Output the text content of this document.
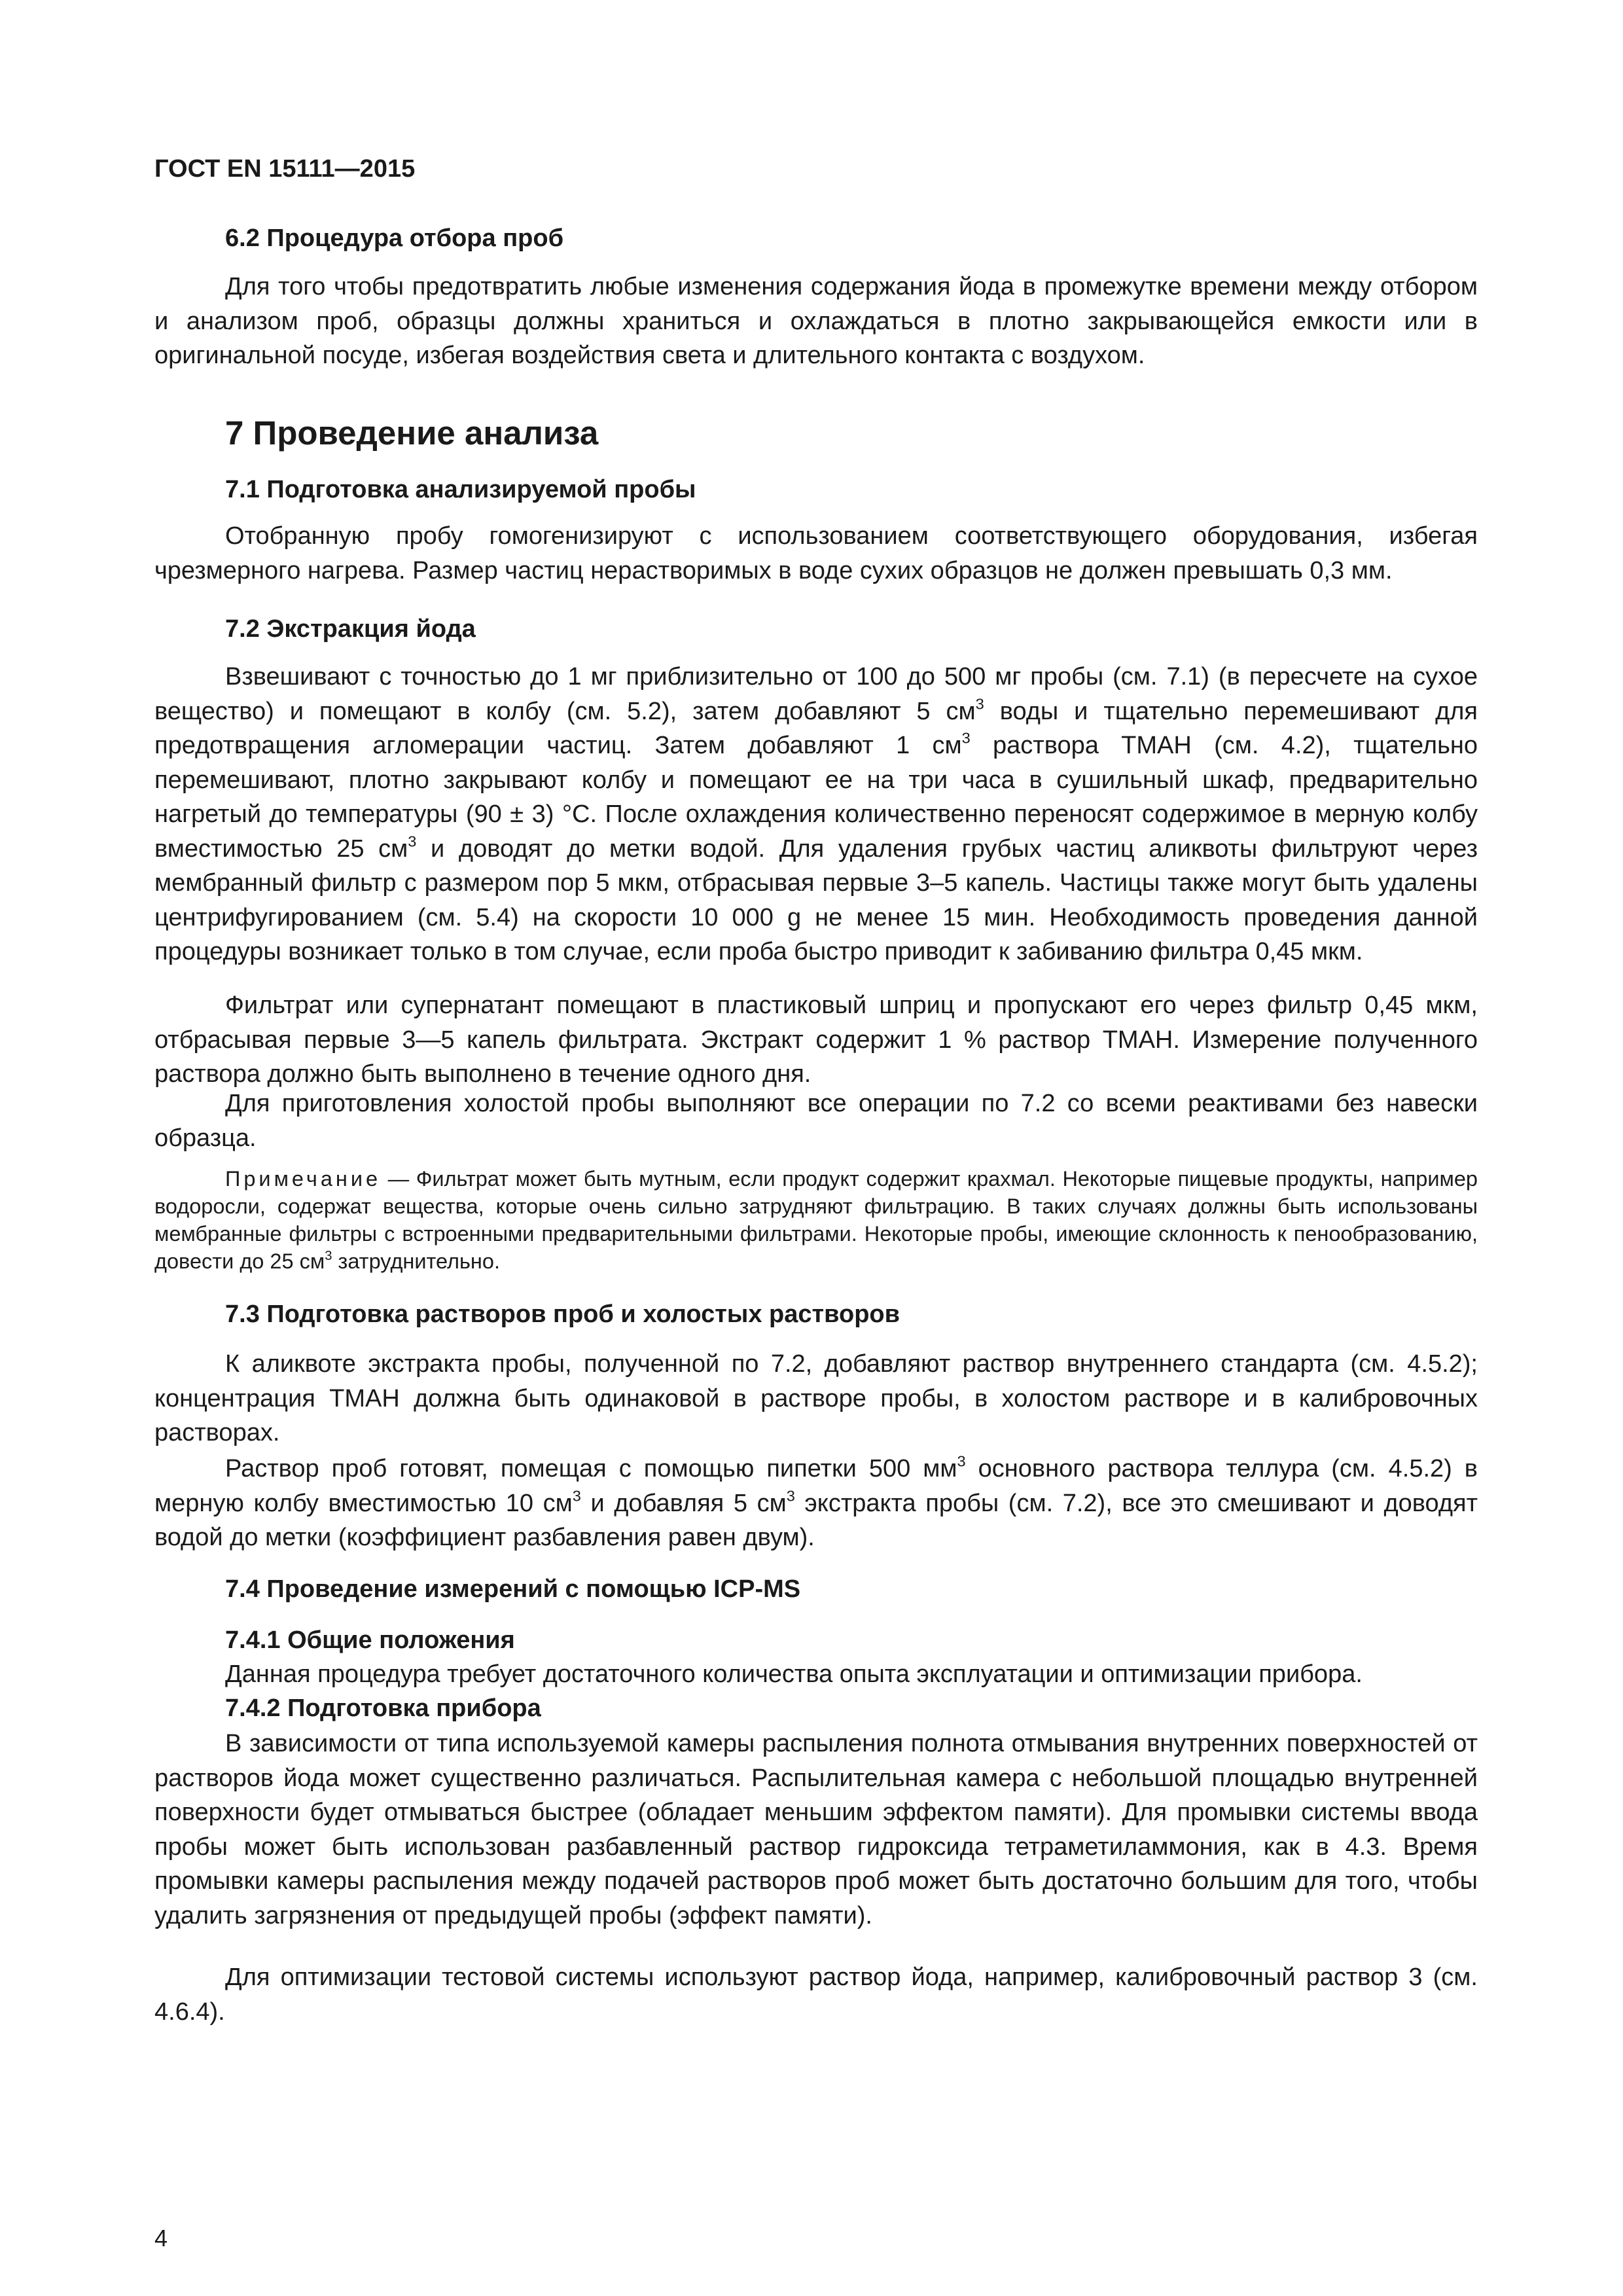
ГОСТ EN 15111—2015
6.2 Процедура отбора проб

Для того чтобы предотвратить любые изменения содержания йода в промежутке времени между отбором и анализом проб, образцы должны храниться и охлаждаться в плотно закрывающейся емкости или в оригинальной посуде, избегая воздействия света и длительного контакта с воздухом.

7 Проведение анализа
7.1 Подготовка анализируемой пробы

Отобранную пробу гомогенизируют с использованием соответствующего оборудования, избегая чрезмерного нагрева. Размер частиц нерастворимых в воде сухих образцов не должен превышать 0,3 мм.

7.2 Экстракция йода

Взвешивают с точностью до 1 мг приблизительно от 100 до 500 мг пробы (см. 7.1) (в пересчете на сухое вещество) и помещают в колбу (см. 5.2), затем добавляют 5 $см^3$ воды и тщательно перемешивают для предотвращения агломерации частиц. Затем добавляют 1 $см^3$ раствора ТМАН (см. 4.2), тщательно перемешивают, плотно закрывают колбу и помещают ее на три часа в сушильный шкаф, предварительно нагретый до температуры (90 ± 3) °С. После охлаждения количественно переносят содержимое в мерную колбу вместимостью 25 $см^3$ и доводят до метки водой. Для удаления грубых частиц аликвоты фильтруют через мембранный фильтр с размером пор 5 мкм, отбрасывая первые 3–5 капель. Частицы также могут быть удалены центрифугированием (см. 5.4) на скорости 10 000 g не менее 15 мин. Необходимость проведения данной процедуры возникает только в том случае, если проба быстро приводит к забиванию фильтра 0,45 мкм.

Фильтрат или супернатант помещают в пластиковый шприц и пропускают его через фильтр 0,45 мкм, отбрасывая первые 3—5 капель фильтрата. Экстракт содержит 1 % раствор ТМАН. Измерение полученного раствора должно быть выполнено в течение одного дня.

Для приготовления холостой пробы выполняют все операции по 7.2 со всеми реактивами без навески образца.

Примечание — Фильтрат может быть мутным, если продукт содержит крахмал. Некоторые пищевые продукты, например водоросли, содержат вещества, которые очень сильно затрудняют фильтрацию. В таких случаях должны быть использованы мембранные фильтры с встроенными предварительными фильтрами. Некоторые пробы, имеющие склонность к пенообразованию, довести до 25 $см^3$ затруднительно.

7.3 Подготовка растворов проб и холостых растворов

К аликвоте экстракта пробы, полученной по 7.2, добавляют раствор внутреннего стандарта (см. 4.5.2); концентрация ТМАН должна быть одинаковой в растворе пробы, в холостом растворе и в калибровочных растворах.

Раствор проб готовят, помещая с помощью пипетки 500 $мм^3$ основного раствора теллура (см. 4.5.2) в мерную колбу вместимостью 10 $см^3$ и добавляя 5 $см^3$ экстракта пробы (см. 7.2), все это смешивают и доводят водой до метки (коэффициент разбавления равен двум).

7.4 Проведение измерений с помощью ICP-MS
7.4.1 Общие положения

Данная процедура требует достаточного количества опыта эксплуатации и оптимизации прибора.

7.4.2 Подготовка прибора

В зависимости от типа используемой камеры распыления полнота отмывания внутренних поверхностей от растворов йода может существенно различаться. Распылительная камера с небольшой площадью внутренней поверхности будет отмываться быстрее (обладает меньшим эффектом памяти). Для промывки системы ввода пробы может быть использован разбавленный раствор гидроксида тетраметиламмония, как в 4.3. Время промывки камеры распыления между подачей растворов проб может быть достаточно большим для того, чтобы удалить загрязнения от предыдущей пробы (эффект памяти).

Для оптимизации тестовой системы используют раствор йода, например, калибровочный раствор 3 (см. 4.6.4).

4
